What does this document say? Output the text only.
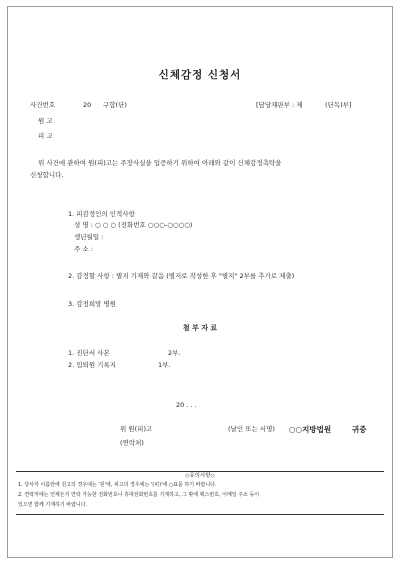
신체감정 신청서
사건번호	20 구합(단)	[담당재판부 : 제	(단독)부]
원 고
피 고
위 사건에 관하여 원(피)고는 주장사실을 입증하기 위하여 아래와 같이 신체감정촉탁을
신청합니다.
1. 피감정인의 인적사항
성 명 : ○ ○ ○ (전화번호 ○○○-○○○○)
생년월일 :
주 소 :
2. 감정할 사항 : 별지 기재와 같음 (별지로 작성한 후 "별지" 2부를 추가로 제출)
3. 감정희망 병원
첨 부 자 료
1. 진단서 사본	2부.
2. 입퇴원 기록지	1부.
20 . . .
위 원(피)고	(날인 또는 서명)
(연락처)
○○지방법원	귀중
◇유의사항◇
1. 당사자 이름란에 원고의 경우에는 '원'에, 피고의 경우에는 '(피)'에 ○표를 하기 바랍니다.
2. 연락처에는 언제든지 연락 가능한 전화번호나 휴대전화번호를 기재하고, 그 밖에 팩스번호, 이메일 주소 등이
있으면 함께 기재하기 바랍니다.
